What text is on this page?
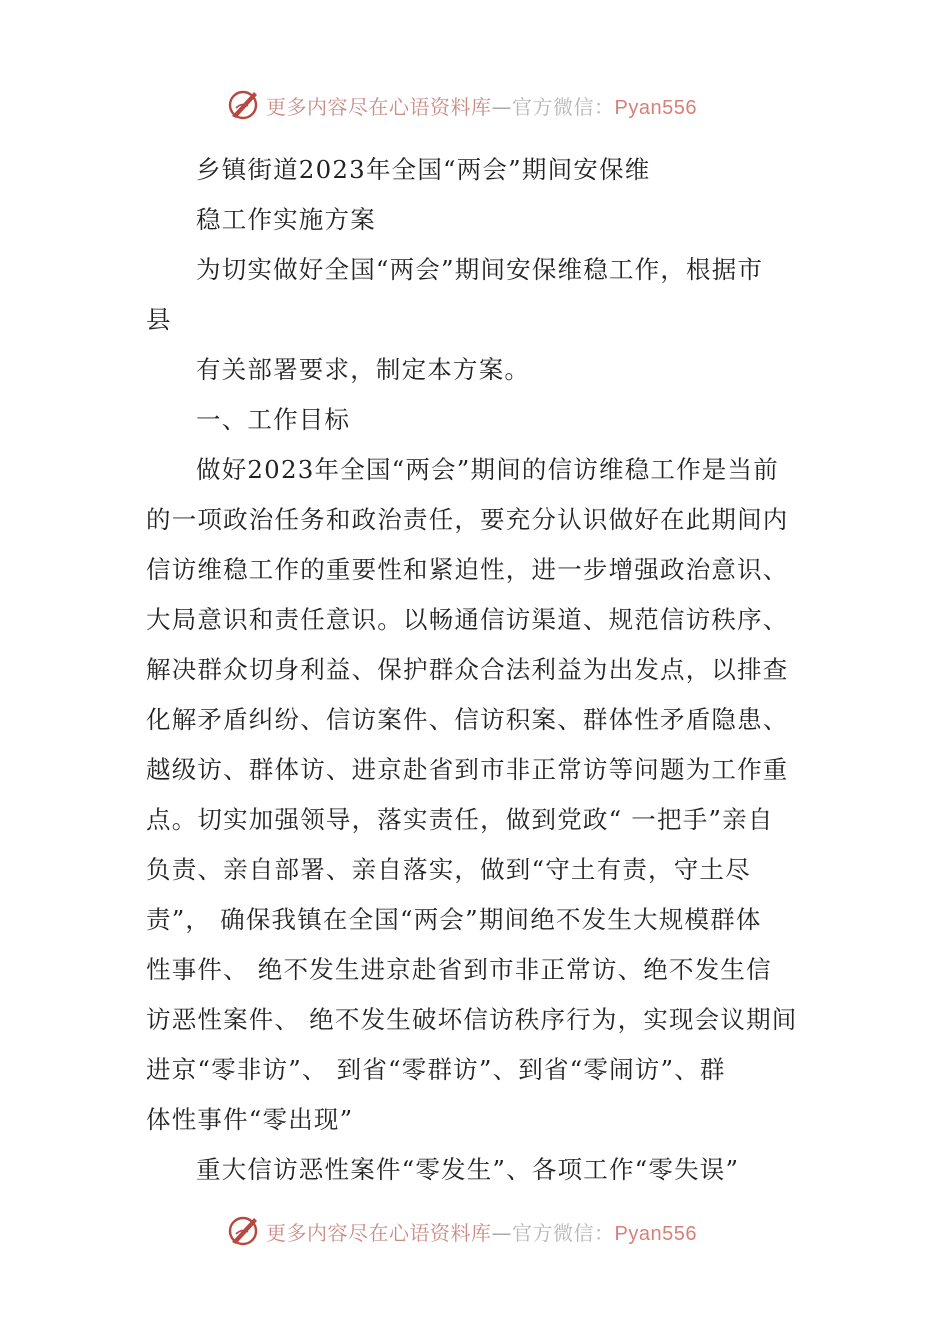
更多内容尽在心语资料库—官方微信：Pyan556
乡镇街道2023年全国“两会”期间安保维
稳工作实施方案
为切实做好全国“两会”期间安保维稳工作，根据市
县
有关部署要求，制定本方案。
一、工作目标
做好2023年全国“两会”期间的信访维稳工作是当前
的一项政治任务和政治责任，要充分认识做好在此期间内
信访维稳工作的重要性和紧迫性，进一步增强政治意识、
大局意识和责任意识。以畅通信访渠道、规范信访秩序、
解决群众切身利益、保护群众合法利益为出发点，以排查
化解矛盾纠纷、信访案件、信访积案、群体性矛盾隐患、
越级访、群体访、进京赴省到市非正常访等问题为工作重
点。切实加强领导，落实责任，做到党政“ 一把手”亲自
负责、亲自部署、亲自落实，做到“守土有责，守土尽
责”， 确保我镇在全国“两会”期间绝不发生大规模群体
性事件、 绝不发生进京赴省到市非正常访、绝不发生信
访恶性案件、 绝不发生破坏信访秩序行为，实现会议期间
进京“零非访”、 到省“零群访”、到省“零闹访”、群
体性事件“零出现”
重大信访恶性案件“零发生”、各项工作“零失误”
更多内容尽在心语资料库—官方微信：Pyan556
